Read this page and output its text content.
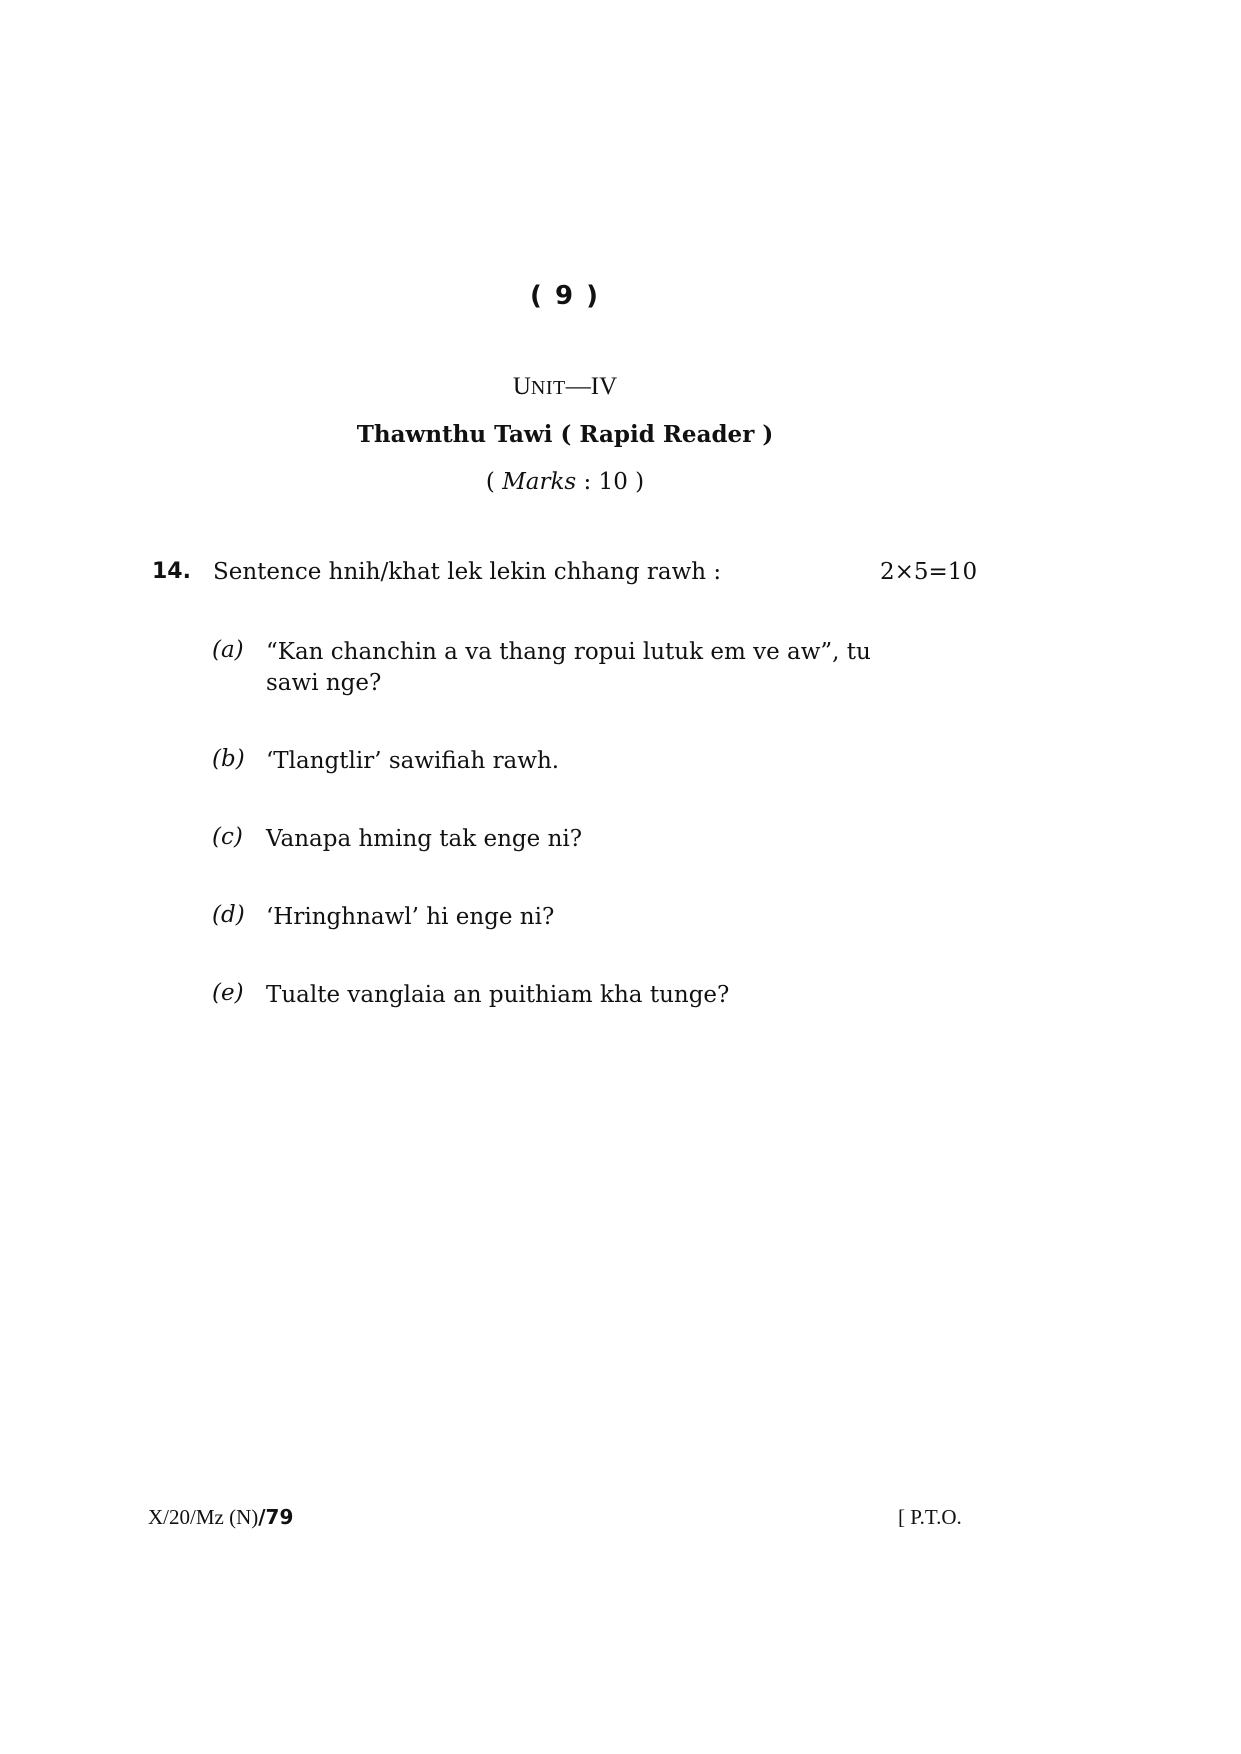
( 9 )
UNIT—IV
Thawnthu Tawi ( Rapid Reader )
( Marks : 10 )
14. Sentence hnih/khat lek lekin chhang rawh :	2×5=10
(a) “Kan chanchin a va thang ropui lutuk em ve aw”, tu sawi nge?
(b) ‘Tlangtlir’ sawifiah rawh.
(c) Vanapa hming tak enge ni?
(d) ‘Hringhnawl’ hi enge ni?
(e) Tualte vanglaia an puithiam kha tunge?
X/20/Mz (N)/79	[ P.T.O.
